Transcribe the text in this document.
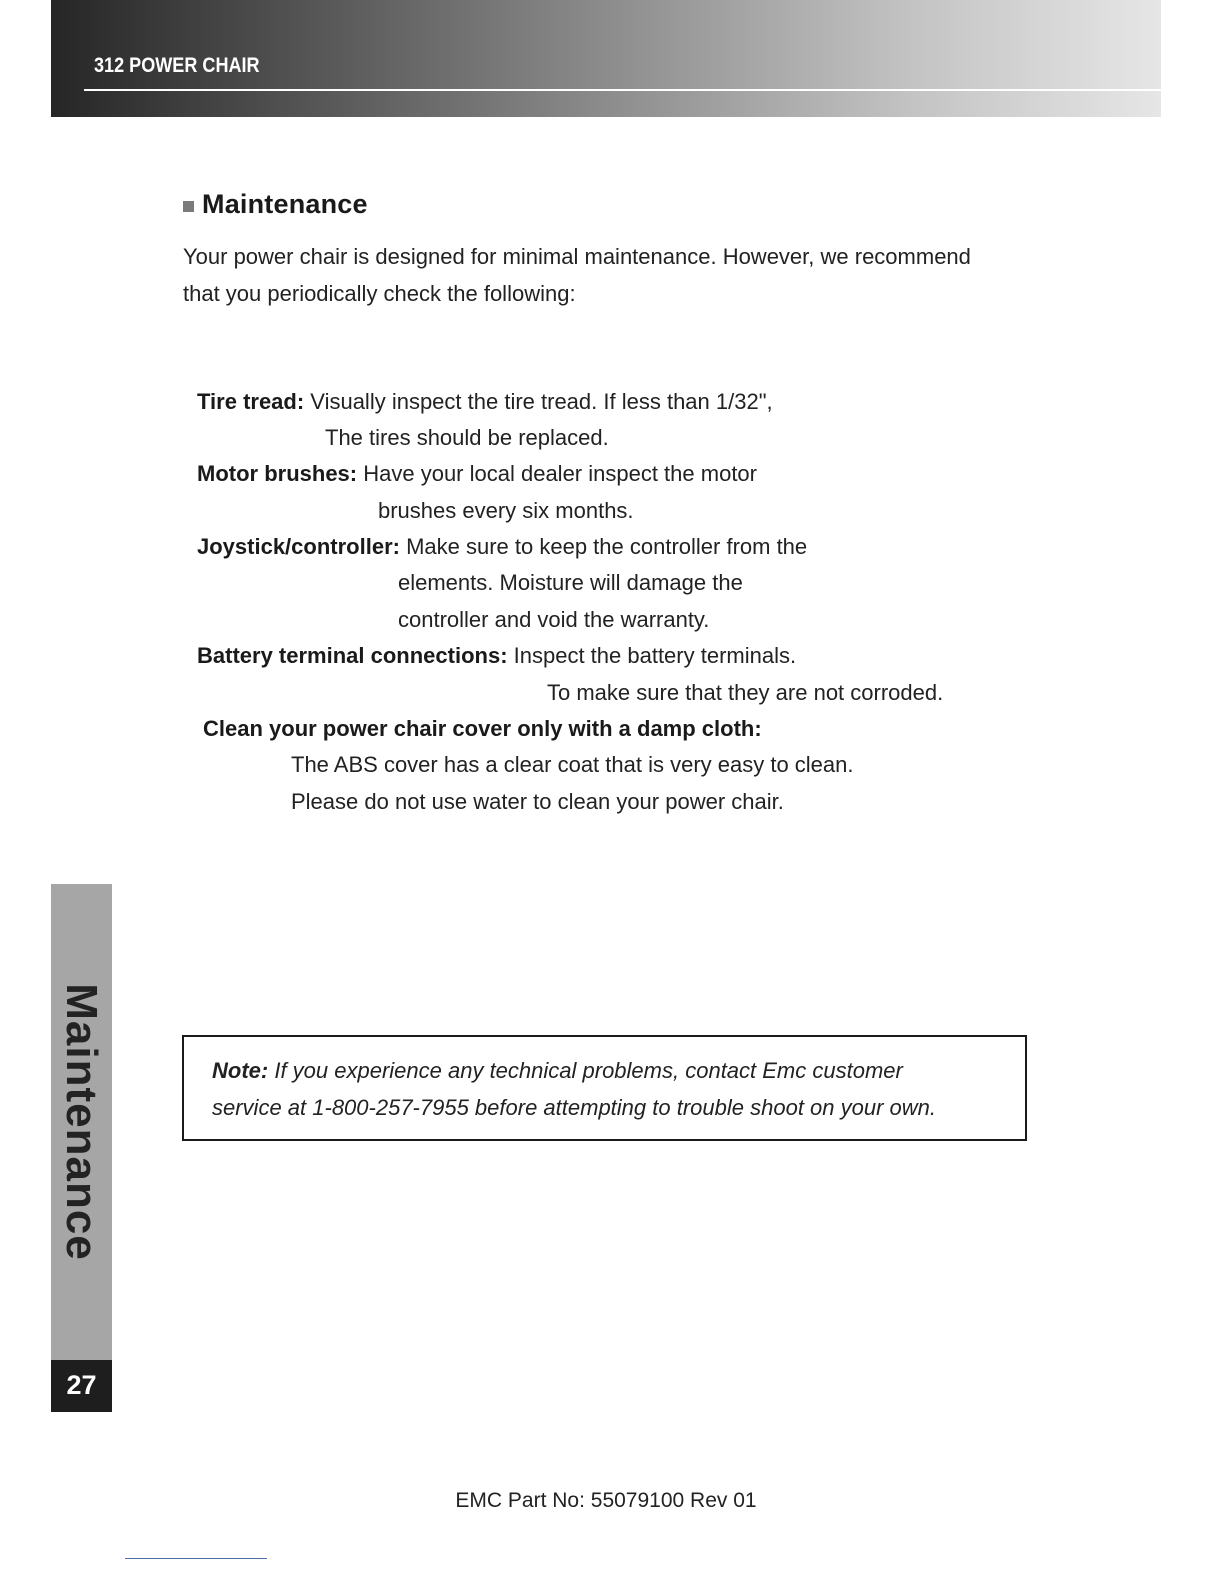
312 POWER CHAIR
Maintenance
Your power chair is designed for minimal maintenance. However, we recommend
that you periodically check the following:
Tire tread: Visually inspect the tire tread. If less than 1/32",
The tires should be replaced.
Motor brushes: Have your local dealer inspect the motor
brushes every six months.
Joystick/controller: Make sure to keep the controller from the
elements. Moisture will damage the
controller and void the warranty.
Battery terminal connections: Inspect the battery terminals.
To make sure that they are not corroded.
Clean your power chair cover only with a damp cloth:
The ABS cover has a clear coat that is very easy to clean.
Please do not use water to clean your power chair.
Note: If you experience any technical problems, contact Emc customer
service at 1-800-257-7955 before attempting to trouble shoot on your own.
Maintenance
27
EMC Part No: 55079100 Rev 01
